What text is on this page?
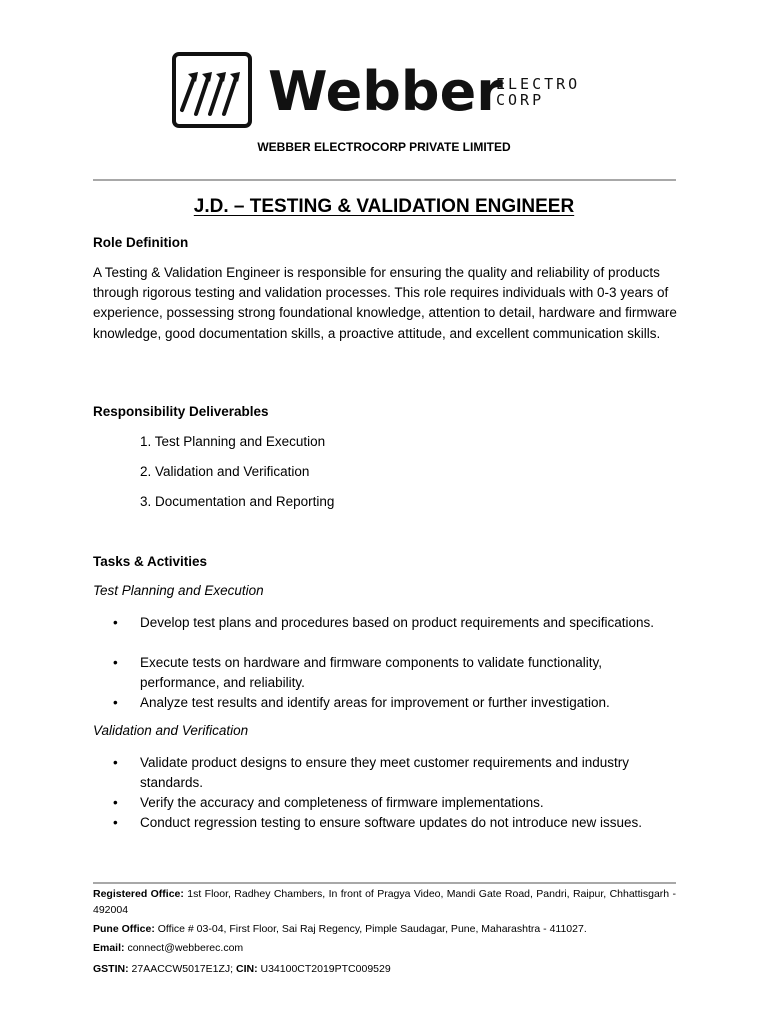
Webber
ELECTRO
CORP
WEBBER ELECTROCORP PRIVATE LIMITED
J.D. – TESTING & VALIDATION ENGINEER
Role Definition
A Testing & Validation Engineer is responsible for ensuring the quality and reliability of products through rigorous testing and validation processes. This role requires individuals with 0-3 years of experience, possessing strong foundational knowledge, attention to detail, hardware and firmware knowledge, good documentation skills, a proactive attitude, and excellent communication skills.
Responsibility Deliverables
1. Test Planning and Execution
2. Validation and Verification
3. Documentation and Reporting
Tasks & Activities
Test Planning and Execution
•	Develop test plans and procedures based on product requirements and specifications.
•	Execute tests on hardware and firmware components to validate functionality, performance, and reliability.
•	Analyze test results and identify areas for improvement or further investigation.
Validation and Verification
•	Validate product designs to ensure they meet customer requirements and industry standards.
•	Verify the accuracy and completeness of firmware implementations.
•	Conduct regression testing to ensure software updates do not introduce new issues.
Registered Office: 1st Floor, Radhey Chambers, In front of Pragya Video, Mandi Gate Road, Pandri, Raipur, Chhattisgarh - 492004
Pune Office: Office # 03-04, First Floor, Sai Raj Regency, Pimple Saudagar, Pune, Maharashtra - 411027.
Email: connect@webberec.com
GSTIN: 27AACCW5017E1ZJ; CIN: U34100CT2019PTC009529
